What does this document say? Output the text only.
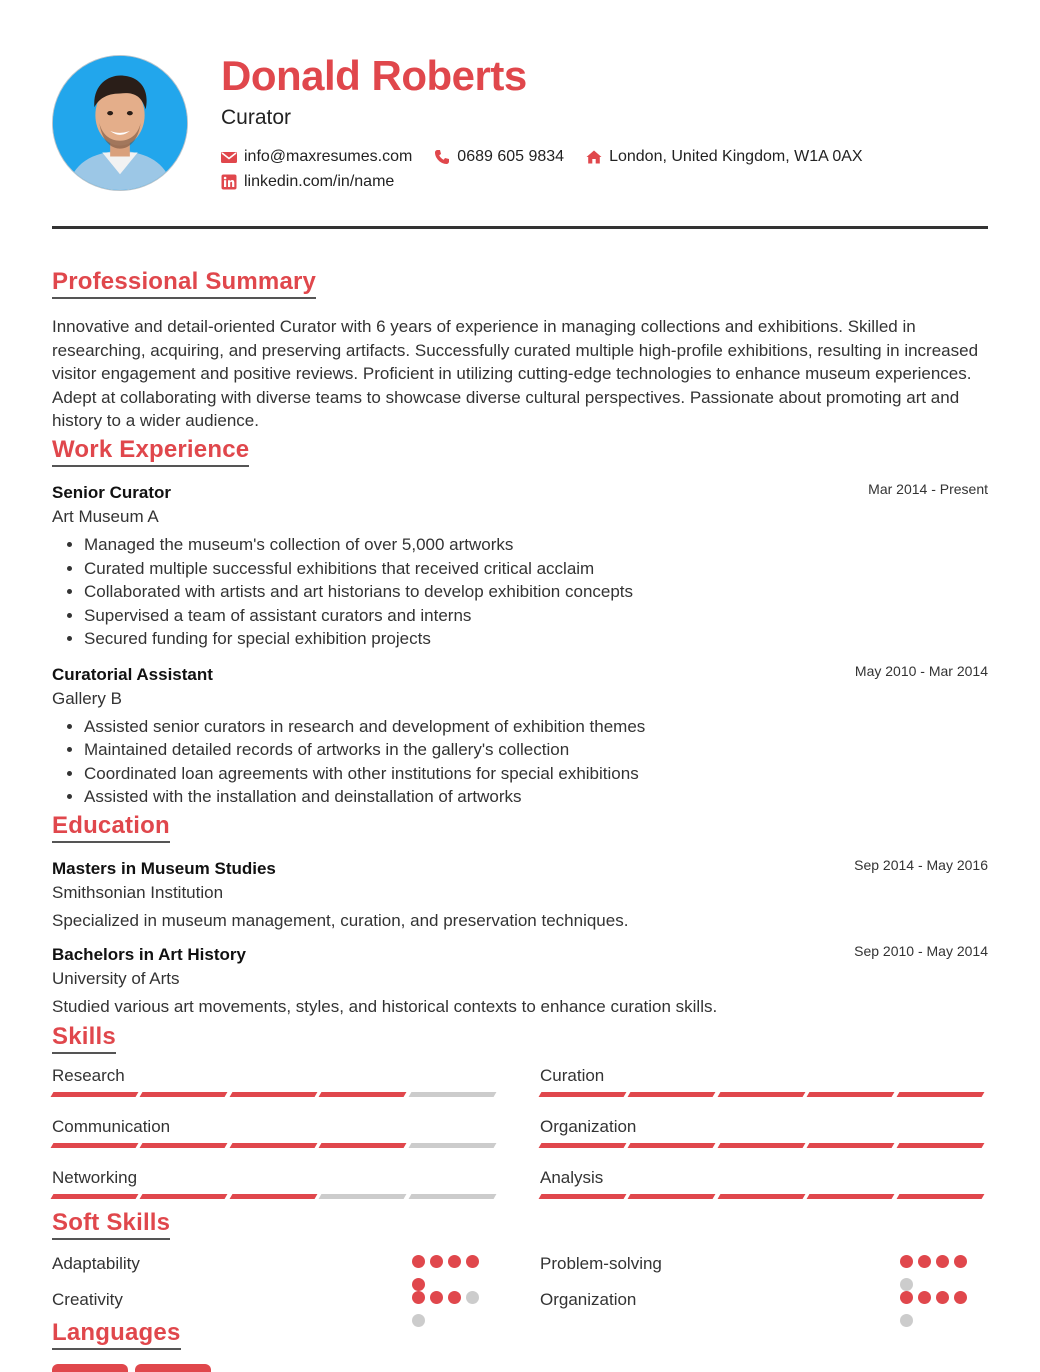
Donald Roberts
Curator
info@maxresumes.com	0689 605 9834	London, United Kingdom, W1A 0AX
linkedin.com/in/name
Professional Summary

Innovative and detail-oriented Curator with 6 years of experience in managing collections and exhibitions. Skilled in researching, acquiring, and preserving artifacts. Successfully curated multiple high-profile exhibitions, resulting in increased visitor engagement and positive reviews. Proficient in utilizing cutting-edge technologies to enhance museum experiences. Adept at collaborating with diverse teams to showcase diverse cultural perspectives. Passionate about promoting art and history to a wider audience.

Work Experience
Senior Curator	Mar 2014 - Present
Art Museum A
• Managed the museum's collection of over 5,000 artworks
• Curated multiple successful exhibitions that received critical acclaim
• Collaborated with artists and art historians to develop exhibition concepts
• Supervised a team of assistant curators and interns
• Secured funding for special exhibition projects
Curatorial Assistant	May 2010 - Mar 2014
Gallery B
• Assisted senior curators in research and development of exhibition themes
• Maintained detailed records of artworks in the gallery's collection
• Coordinated loan agreements with other institutions for special exhibitions
• Assisted with the installation and deinstallation of artworks
Education
Masters in Museum Studies	Sep 2014 - May 2016
Smithsonian Institution
Specialized in museum management, curation, and preservation techniques.
Bachelors in Art History	Sep 2010 - May 2014
University of Arts
Studied various art movements, styles, and historical contexts to enhance curation skills.
Skills
Research	Curation
Communication	Organization
Networking	Analysis
Soft Skills
Adaptability	Problem-solving
Creativity	Organization
Languages
